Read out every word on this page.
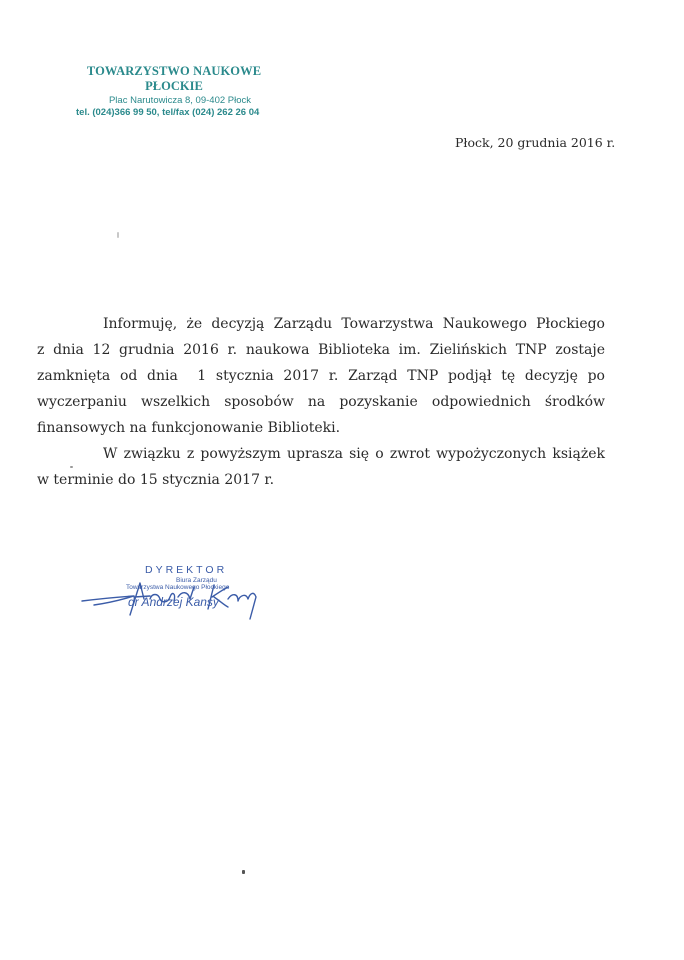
TOWARZYSTWO NAUKOWE
PŁOCKIE
Plac Narutowicza 8, 09-402 Płock
tel. (024)366 99 50, tel/fax (024) 262 26 04
Płock, 20 grudnia 2016 r.
Informuję, że decyzją Zarządu Towarzystwa Naukowego Płockiego
z dnia 12 grudnia 2016 r. naukowa Biblioteka im. Zielińskich TNP zostaje
zamknięta od dnia  1 stycznia 2017 r. Zarząd TNP podjął tę decyzję po
wyczerpaniu wszelkich sposobów na pozyskanie odpowiednich środków
finansowych na funkcjonowanie Biblioteki.
W związku z powyższym uprasza się o zwrot wypożyczonych książek
w terminie do 15 stycznia 2017 r.
DYREKTOR
Biura Zarządu
Towarzystwa Naukowego Płockiego
dr Andrzej Kansy
